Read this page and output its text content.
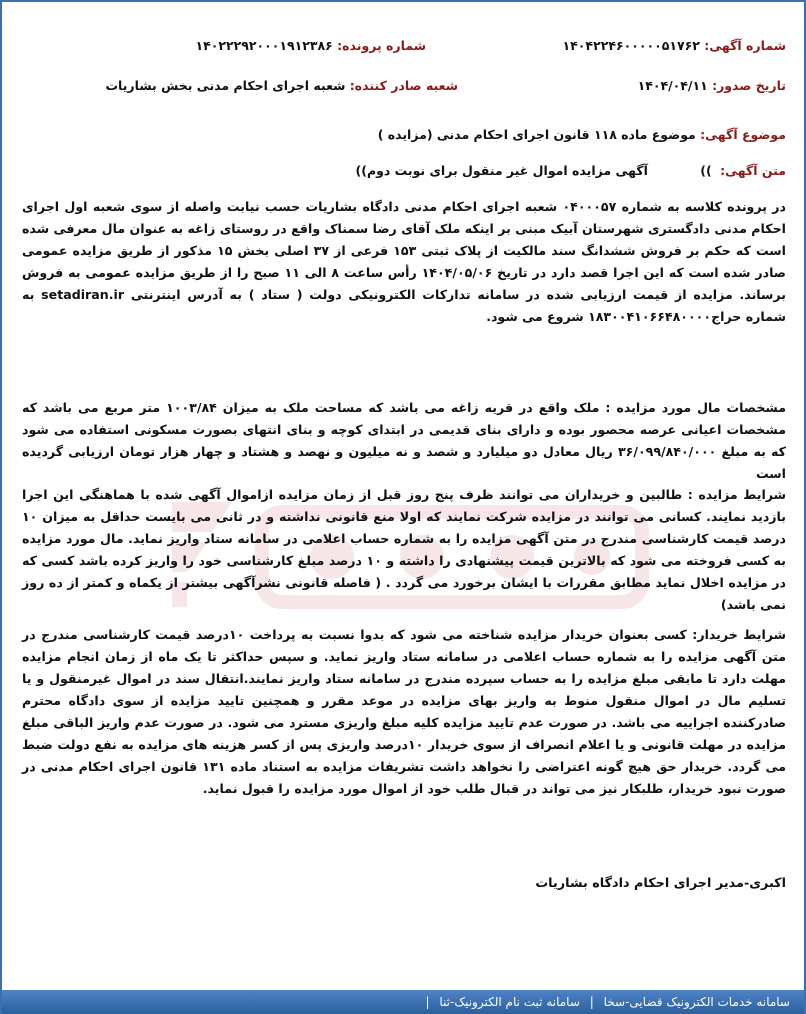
شماره آگهی: ۱۴۰۴۲۲۴۶۰۰۰۰۰۵۱۷۶۲
شماره پرونده: ۱۴۰۲۲۲۹۲۰۰۰۱۹۱۲۳۸۶
تاریخ صدور: ۱۴۰۴/۰۴/۱۱
شعبه صادر کننده: شعبه اجرای احکام مدنی بخش بشاریات
موضوع آگهی: موضوع ماده ۱۱۸ قانون اجرای احکام مدنی (مزایده )
متن آگهی: )) آگهی مزایده اموال غیر منقول برای نوبت دوم))

در پرونده کلاسه به شماره ۰۴۰۰۰۵۷ شعبه اجرای احکام مدنی دادگاه بشاریات حسب نیابت واصله از سوی شعبه اول اجرای احکام مدنی دادگستری شهرستان آبیک مبنی بر اینکه ملک آقای رضا سمناک واقع در روستای زاغه به عنوان مال معرفی شده است که حکم بر فروش ششدانگ سند مالکیت از پلاک ثبتی ۱۵۳ فرعی از ۳۷ اصلی بخش ۱۵ مذکور از طریق مزایده عمومی صادر شده است که این اجرا قصد دارد در تاریخ ۱۴۰۴/۰۵/۰۶ رأس ساعت ۸ الی ۱۱ صبح را از طریق مزایده عمومی به فروش برساند. مزایده از قیمت ارزیابی شده در سامانه تدارکات الکترونیکی دولت ( ستاد ) به آدرس اینترنتی setadiran.ir به شماره حراج۱۸‌۳۰۰۴۱۰۶۶۴۸۰۰۰۰ شروع می شود.

مشخصات مال مورد مزایده : ملک واقع در قریه زاغه می باشد که مساحت ملک به میزان ۱۰۰۳/۸۴ متر مربع می باشد که مشخصات اعیانی عرصه محصور بوده و دارای بنای قدیمی در ابتدای کوچه و بنای انتهای بصورت مسکونی استفاده می شود که به مبلغ ۳۶/۰۹۹/۸۴۰/۰۰۰ ریال معادل دو میلیارد و شصد و نه میلیون و نهصد و هشتاد و چهار هزار تومان ارزیابی گردیده است

شرایط مزایده : طالبین و خریداران می توانند ظرف پنج روز قبل از زمان مزایده ازاموال آگهی شده با هماهنگی این اجرا بازدید نمایند. کسانی می توانند در مزایده شرکت نمایند که اولا منع قانونی نداشته و در ثانی می بایست حداقل به میزان ۱۰ درصد قیمت کارشناسی مندرج در متن آگهی مزایده را به شماره حساب اعلامی در سامانه ستاد واریز نماید. مال مورد مزایده به کسی فروخته می شود که بالاترین قیمت پیشنهادی را داشته و ۱۰ درصد مبلغ کارشناسی خود را واریز کرده باشد کسی که در مزایده اخلال نماید مطابق مقررات با ایشان برخورد می گردد . ( فاصله قانونی نشرآگهی بیشتر از یکماه و کمتر از ده روز نمی باشد)

شرایط خریدار: کسی بعنوان خریدار مزایده شناخته می شود که بدوا نسبت به پرداخت ۱۰درصد قیمت کارشناسی مندرج در متن آگهی مزایده را به شماره حساب اعلامی در سامانه ستاد واریز نماید. و سپس حداکثر تا یک ماه از زمان انجام مزایده مهلت دارد تا مابقی مبلغ مزایده را به حساب سپرده مندرج در سامانه ستاد واریز نمایند.انتقال سند در اموال غیرمنقول و یا تسلیم مال در اموال منقول منوط به واریز بهای مزایده در موعد مقرر و همچنین تایید مزایده از سوی دادگاه محترم صادرکننده اجراییه می باشد. در صورت عدم تایید مزایده کلیه مبلغ واریزی مسترد می شود. در صورت عدم واریز الباقی مبلغ مزایده در مهلت قانونی و یا اعلام انصراف از سوی خریدار ۱۰درصد واریزی پس از کسر هزینه های مزایده به نفع دولت ضبط می گردد. خریدار حق هیچ گونه اعتراضی را نخواهد داشت تشریفات مزایده به استناد ماده ۱۳۱ قانون اجرای احکام مدنی در صورت نبود خریدار، طلبکار نیز می تواند در قبال طلب خود از اموال مورد مزایده را قبول نماید.

اکبری-مدیر اجرای احکام دادگاه بشاریات
سامانه خدمات الکترونیک قضایی-سخا | سامانه ثبت نام الکترونیک-ثنا |
